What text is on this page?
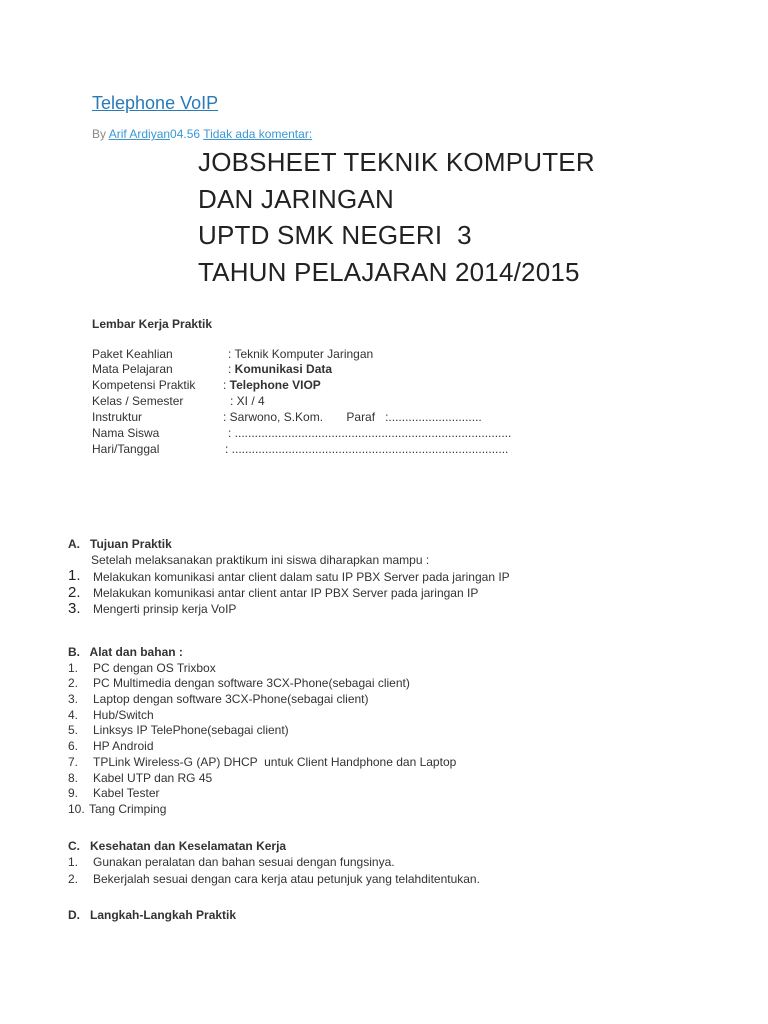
Telephone VoIP
By Arif Ardiyan04.56 Tidak ada komentar:
JOBSHEET TEKNIK KOMPUTER
DAN JARINGAN
UPTD SMK NEGERI  3
TAHUN PELAJARAN 2014/2015
Lembar Kerja Praktik
Paket Keahlian	: Teknik Komputer Jaringan
Mata Pelajaran	: Komunikasi Data
Kompetensi Praktik : Telephone VIOP
Kelas / Semester	: XI / 4
Instruktur	: Sarwono, S.Kom.       Paraf   :............................
Nama Siswa	: ...................................................................................
Hari/Tanggal	: ...................................................................................
A.   Tujuan Praktik
Setelah melaksanakan praktikum ini siswa diharapkan mampu :
1. Melakukan komunikasi antar client dalam satu IP PBX Server pada jaringan IP
2. Melakukan komunikasi antar client antar IP PBX Server pada jaringan IP
3. Mengerti prinsip kerja VoIP
B.   Alat dan bahan :
1. PC dengan OS Trixbox
2. PC Multimedia dengan software 3CX-Phone(sebagai client)
3. Laptop dengan software 3CX-Phone(sebagai client)
4. Hub/Switch
5. Linksys IP TelePhone(sebagai client)
6. HP Android
7. TPLink Wireless-G (AP) DHCP  untuk Client Handphone dan Laptop
8. Kabel UTP dan RG 45
9. Kabel Tester
10. Tang Crimping
C.   Kesehatan dan Keselamatan Kerja
1. Gunakan peralatan dan bahan sesuai dengan fungsinya.
2. Bekerjalah sesuai dengan cara kerja atau petunjuk yang telahditentukan.
D.   Langkah-Langkah Praktik
